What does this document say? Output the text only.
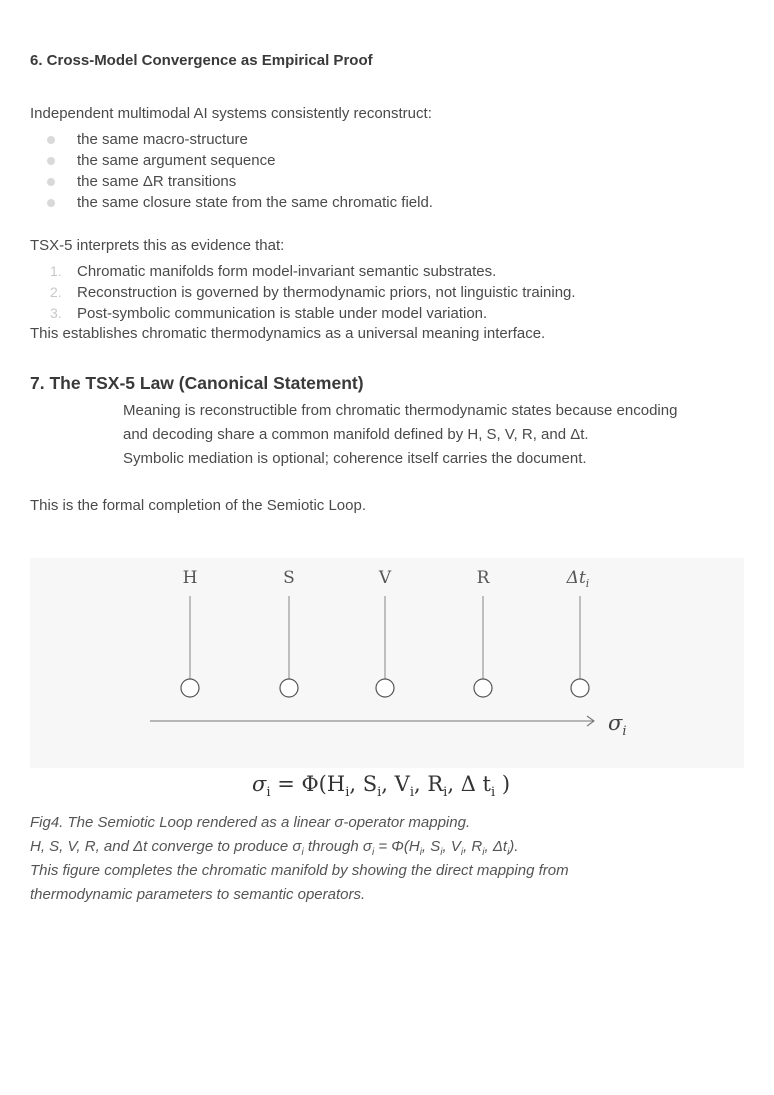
6. Cross-Model Convergence as Empirical Proof
Independent multimodal AI systems consistently reconstruct:
the same macro-structure
the same argument sequence
the same ΔR transitions
the same closure state from the same chromatic field.
TSX-5 interprets this as evidence that:
1. Chromatic manifolds form model-invariant semantic substrates.
2. Reconstruction is governed by thermodynamic priors, not linguistic training.
3. Post-symbolic communication is stable under model variation.
This establishes chromatic thermodynamics as a universal meaning interface.
7. The TSX-5 Law (Canonical Statement)
Meaning is reconstructible from chromatic thermodynamic states because encoding
and decoding share a common manifold defined by H, S, V, R, and Δt.
Symbolic mediation is optional; coherence itself carries the document.
This is the formal completion of the Semiotic Loop.
H	S	V	R	$\Delta t_i$
$\sigma_i$
$\sigma_i = \Phi(H_i$, $S_i$, $V_i$, $R_i$, Δ $t_i$ )
Fig4. The Semiotic Loop rendered as a linear σ-operator mapping.
H, S, V, R, and Δt converge to produce $\sigma_i$ through $\sigma_i = \Phi(H_i$, $S_i$, $V_i$, $R_i$, $\Delta t_i$).
This figure completes the chromatic manifold by showing the direct mapping from
thermodynamic parameters to semantic operators.
